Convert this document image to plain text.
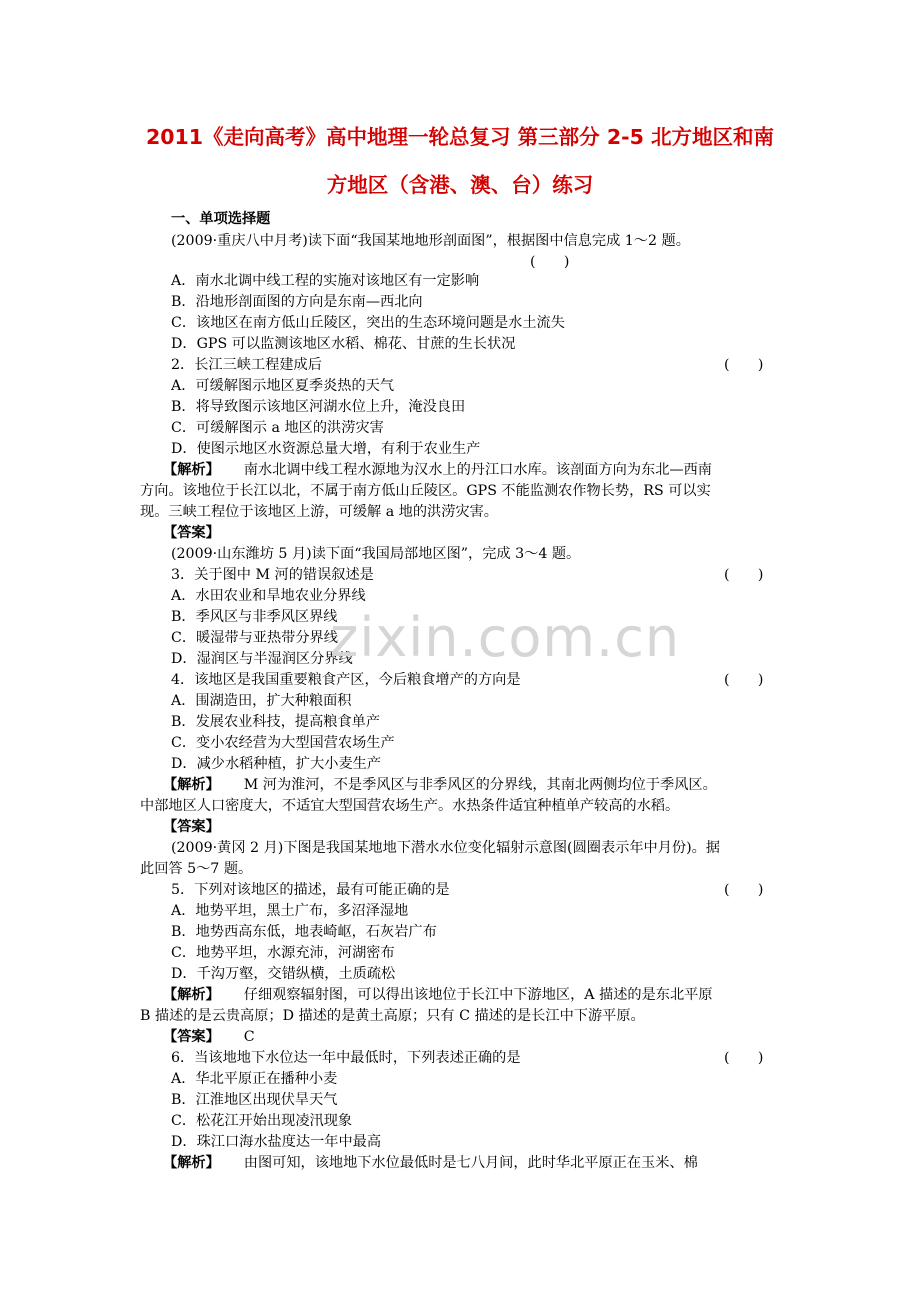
2011《走向高考》高中地理一轮总复习 第三部分 2-5 北方地区和南
方地区（含港、澳、台）练习
一、单项选择题
(2009·重庆八中月考)读下面“我国某地地形剖面图”，根据图中信息完成 1～2 题。
(　　)
A．南水北调中线工程的实施对该地区有一定影响
B．沿地形剖面图的方向是东南—西北向
C．该地区在南方低山丘陵区，突出的生态环境问题是水土流失
D．GPS 可以监测该地区水稻、棉花、甘蔗的生长状况
2．长江三峡工程建成后	(　　)
A．可缓解图示地区夏季炎热的天气
B．将导致图示该地区河湖水位上升，淹没良田
C．可缓解图示 a 地区的洪涝灾害
D．使图示地区水资源总量大增，有利于农业生产
【解析】 南水北调中线工程水源地为汉水上的丹江口水库。该剖面方向为东北—西南
方向。该地位于长江以北，不属于南方低山丘陵区。GPS 不能监测农作物长势，RS 可以实
现。三峡工程位于该地区上游，可缓解 a 地的洪涝灾害。
【答案】
(2009·山东潍坊 5 月)读下面“我国局部地区图”，完成 3～4 题。
3．关于图中 M 河的错误叙述是	(　　)
A．水田农业和旱地农业分界线
B．季风区与非季风区界线
C．暖湿带与亚热带分界线
D．湿润区与半湿润区分界线
4．该地区是我国重要粮食产区，今后粮食增产的方向是	(　　)
A．围湖造田，扩大种粮面积
B．发展农业科技，提高粮食单产
C．变小农经营为大型国营农场生产
D．减少水稻种植，扩大小麦生产
【解析】 M 河为淮河，不是季风区与非季风区的分界线，其南北两侧均位于季风区。
中部地区人口密度大，不适宜大型国营农场生产。水热条件适宜种植单产较高的水稻。
【答案】
(2009·黄冈 2 月)下图是我国某地地下潜水水位变化辐射示意图(圆圈表示年中月份)。据
此回答 5～7 题。
5．下列对该地区的描述，最有可能正确的是	(　　)
A．地势平坦，黑土广布，多沼泽湿地
B．地势西高东低，地表崎岖，石灰岩广布
C．地势平坦，水源充沛，河湖密布
D．千沟万壑，交错纵横，土质疏松
【解析】 仔细观察辐射图，可以得出该地位于长江中下游地区，A 描述的是东北平原
B 描述的是云贵高原；D 描述的是黄土高原；只有 C 描述的是长江中下游平原。
【答案】 C
6．当该地地下水位达一年中最低时，下列表述正确的是	(　　)
A．华北平原正在播种小麦
B．江淮地区出现伏旱天气
C．松花江开始出现凌汛现象
D．珠江口海水盐度达一年中最高
【解析】 由图可知，该地地下水位最低时是七八月间，此时华北平原正在玉米、棉
zixin.com.cn
